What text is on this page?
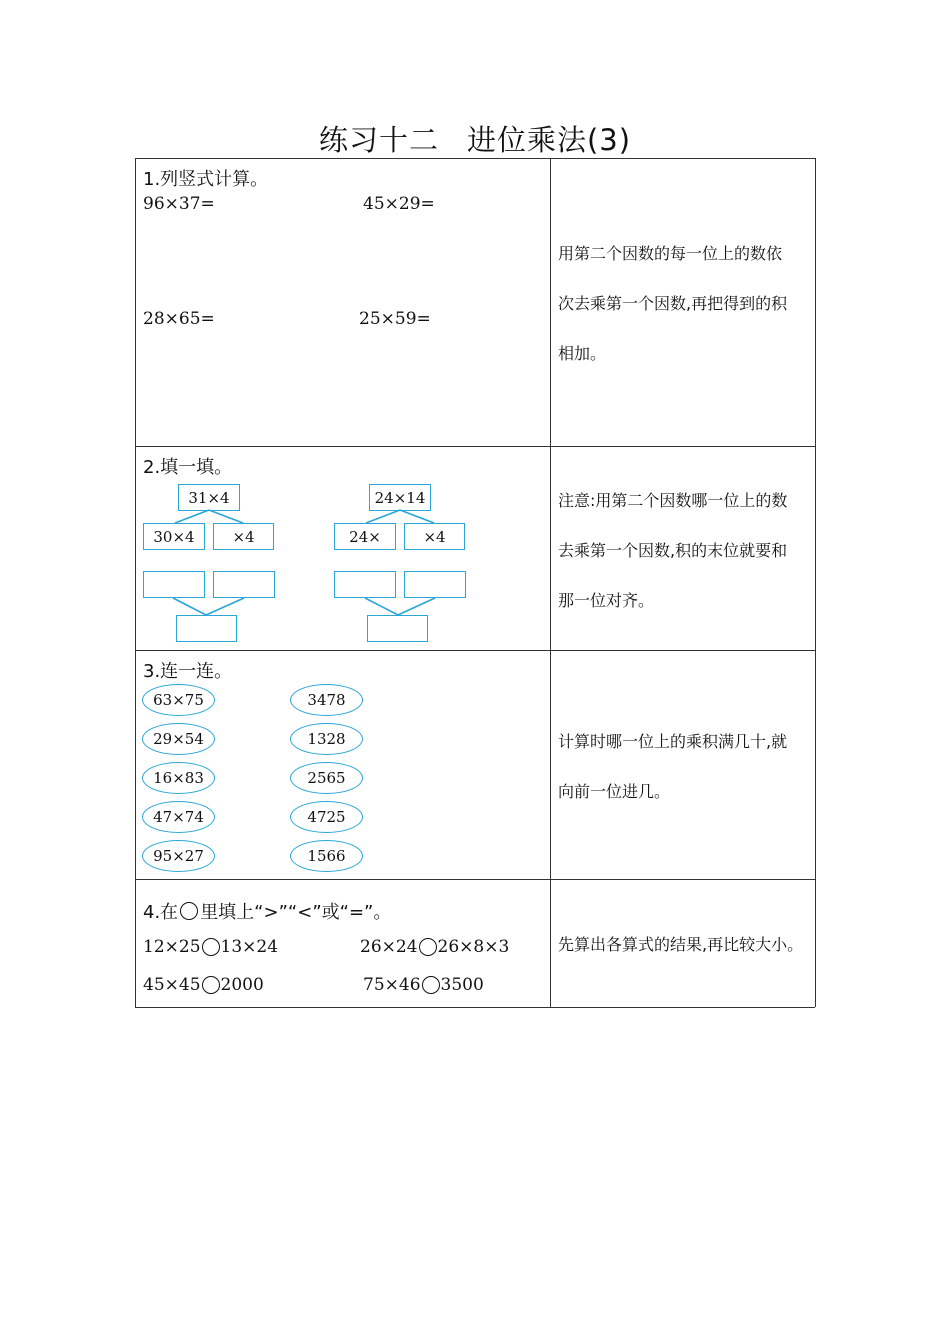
练习十二 进位乘法(3)
1.列竖式计算。
96×37=	45×29=
28×65=	25×59=
用第二个因数的每一位上的数依
次去乘第一个因数,再把得到的积
相加。
2.填一填。
31×4
30×4	×4
24×14
24×	×4
注意:用第二个因数哪一位上的数
去乘第一个因数,积的末位就要和
那一位对齐。
3.连一连。
63×75
29×54
16×83
47×74
95×27
3478
1328
2565
4725
1566
计算时哪一位上的乘积满几十,就
向前一位进几。
4.在 里填上“>”“<”或“=”。
12×25 13×24	26×24 26×8×3
45×45 2000	75×46 3500
先算出各算式的结果,再比较大小。
